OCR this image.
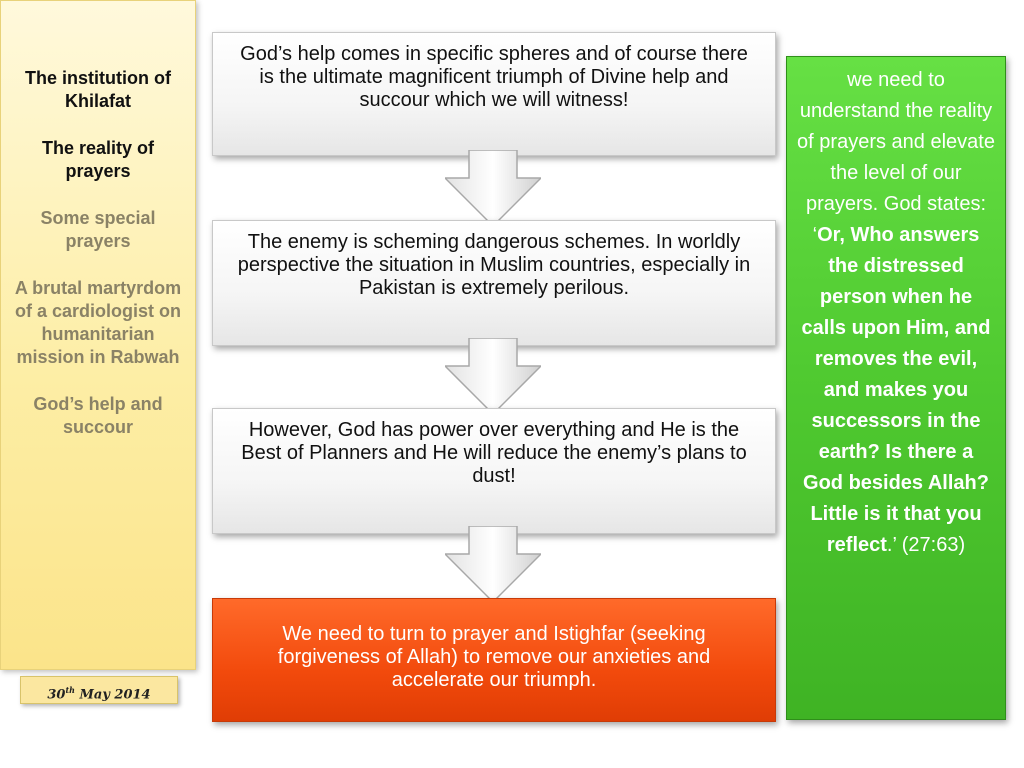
The institution of Khilafat
The reality of prayers
Some special prayers
A brutal martyrdom of a cardiologist on humanitarian mission in Rabwah
God’s help and succour
30th May 2014
God’s help comes in specific spheres and of course there is the ultimate magnificent triumph of Divine help and succour which we will witness!
The enemy is scheming dangerous schemes. In worldly perspective the situation in Muslim countries, especially in Pakistan is extremely perilous.
However, God has power over everything and He is the Best of Planners and He will reduce the enemy’s plans to dust!
We need to turn to prayer and Istighfar (seeking forgiveness of Allah) to remove our anxieties and accelerate our triumph.
we need to understand the reality of prayers and elevate the level of our prayers. God states: ‘Or, Who answers the distressed person when he calls upon Him, and removes the evil, and makes you successors in the earth? Is there a God besides Allah? Little is it that you reflect.’ (27:63)
